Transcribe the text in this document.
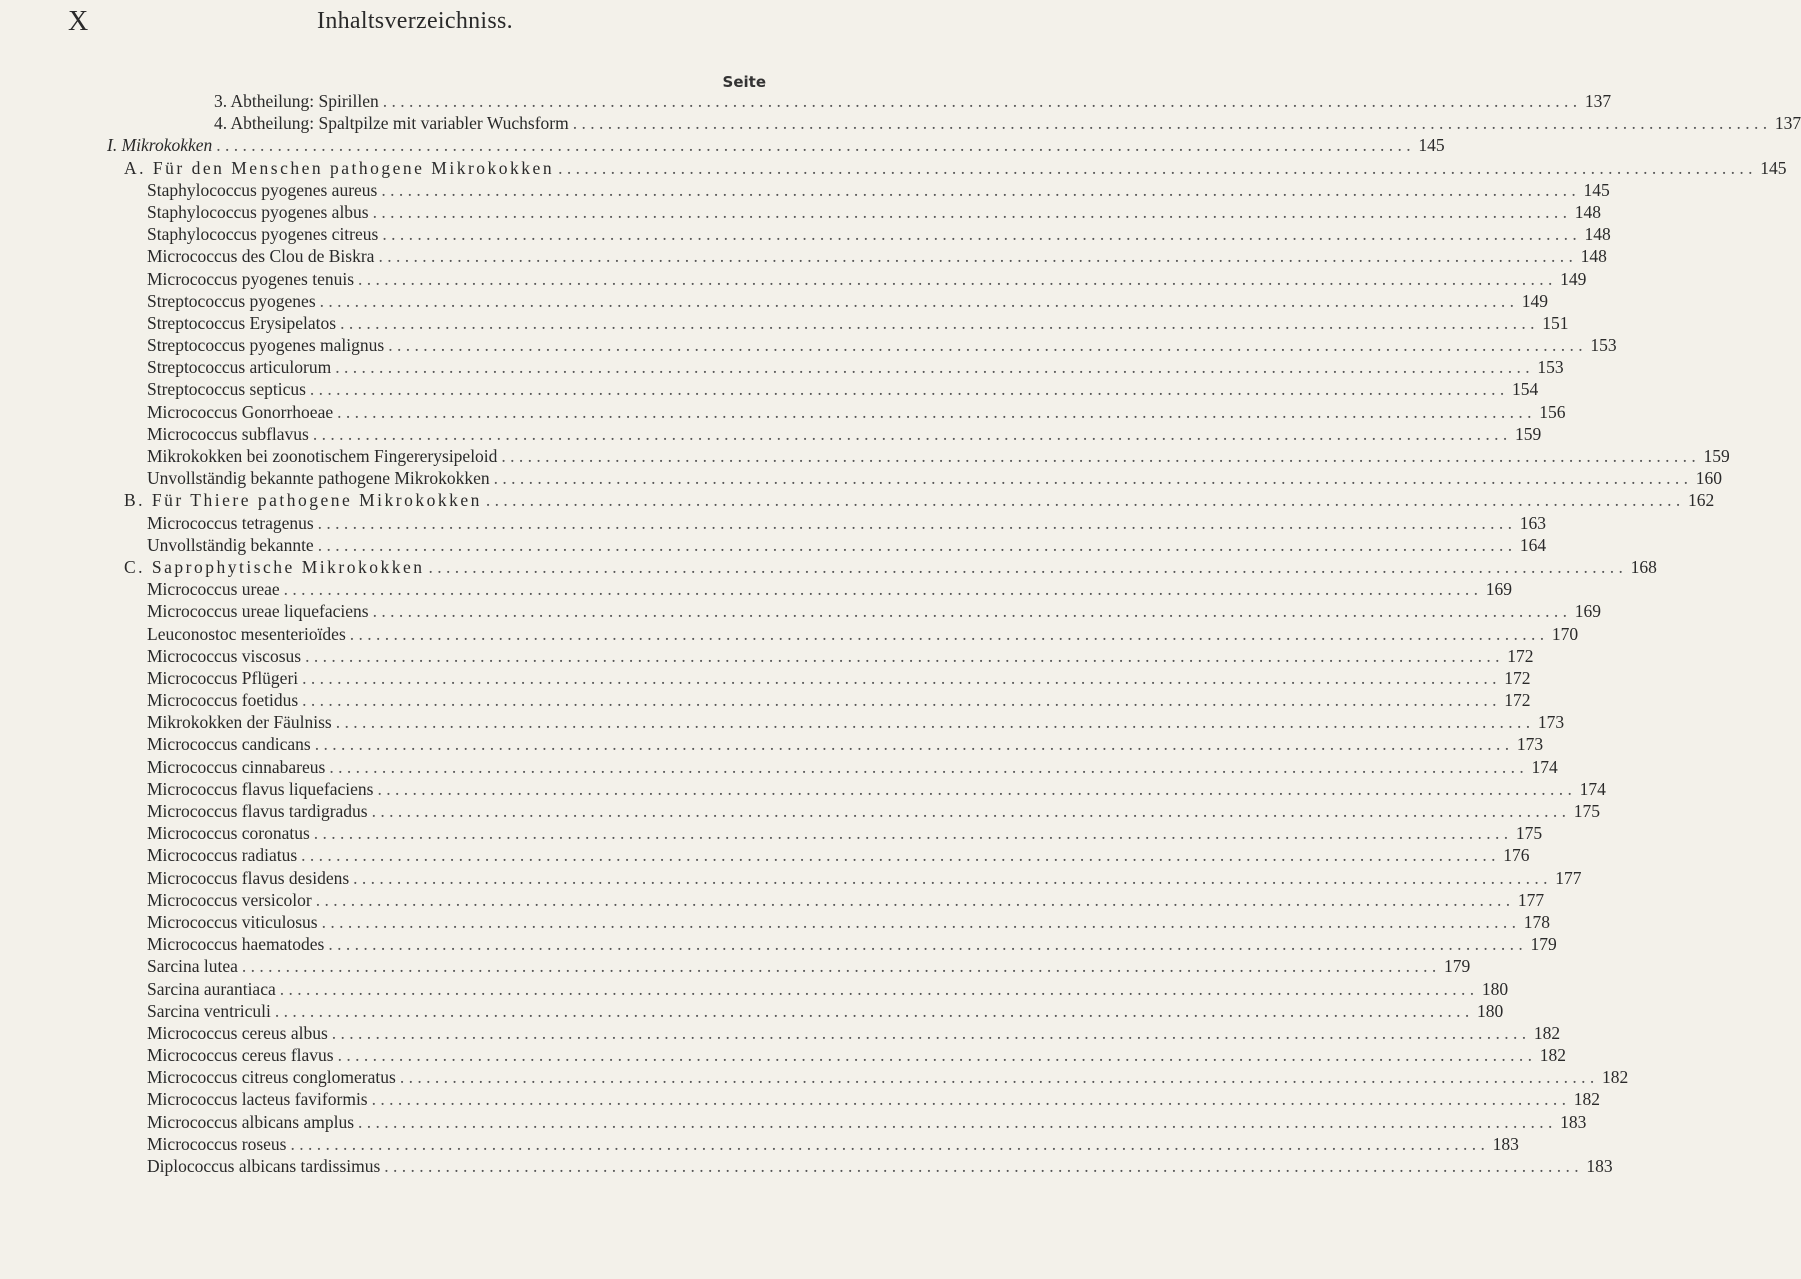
X	Inhaltsverzeichniss.
Seite
3. Abtheilung: Spirillen . . .	137
4. Abtheilung: Spaltpilze mit variabler Wuchsform . . .	137
I. Mikrokokken . . .	145
A. Für den Menschen pathogene Mikrokokken . . .	145
Staphylococcus pyogenes aureus . . .	145
Staphylococcus pyogenes albus . . .	148
Staphylococcus pyogenes citreus . . .	148
Micrococcus des Clou de Biskra . . .	148
Micrococcus pyogenes tenuis . . .	149
Streptococcus pyogenes . . .	149
Streptococcus Erysipelatos . . .	151
Streptococcus pyogenes malignus . . .	153
Streptococcus articulorum . . .	153
Streptococcus septicus . . .	154
Micrococcus Gonorrhoeae . . .	156
Micrococcus subflavus . . .	159
Mikrokokken bei zoonotischem Fingererysipeloid . . .	159
Unvollständig bekannte pathogene Mikrokokken . . .	160
B. Für Thiere pathogene Mikrokokken . . .	162
Micrococcus tetragenus . . .	163
Unvollständig bekannte . . .	164
C. Saprophytische Mikrokokken . . .	168
Micrococcus ureae . . .	169
Micrococcus ureae liquefaciens . . .	169
Leuconostoc mesenterioïdes . . .	170
Micrococcus viscosus . . .	172
Micrococcus Pflügeri . . .	172
Micrococcus foetidus . . .	172
Mikrokokken der Fäulniss . . .	173
Micrococcus candicans . . .	173
Micrococcus cinnabareus . . .	174
Micrococcus flavus liquefaciens . . .	174
Micrococcus flavus tardigradus . . .	175
Micrococcus coronatus . . .	175
Micrococcus radiatus . . .	176
Micrococcus flavus desidens . . .	177
Micrococcus versicolor . . .	177
Micrococcus viticulosus . . .	178
Micrococcus haematodes . . .	179
Sarcina lutea . . .	179
Sarcina aurantiaca . . .	180
Sarcina ventriculi . . .	180
Micrococcus cereus albus . . .	182
Micrococcus cereus flavus . . .	182
Micrococcus citreus conglomeratus . . .	182
Micrococcus lacteus faviformis . . .	182
Micrococcus albicans amplus . . .	183
Micrococcus roseus . . .	183
Diplococcus albicans tardissimus . . .	183
